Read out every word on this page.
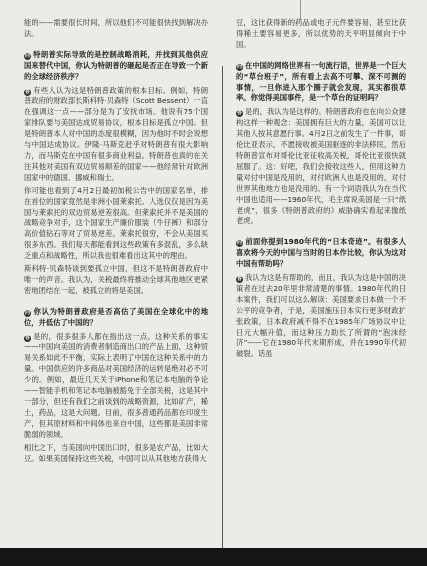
能的——需要很长时间，所以他们不可能很快找到解决办法。

问 特朗普实际导致的是控制战略消耗，并找到其他供应国来替代中国，你认为特朗普的砸起是否正在导致一个新的全球经济秩序？

答 有些人认为这是特朗普政策的根本目标。例如，特朗普政府的财政部长斯科特·贝森特（Scott Bessent）一直在强调这一点——部分是为了安抚市场。他说有75个国家排队要与美国达成贸易协议，根本目标是孤立中国。但是特朗普本人对中国的态度很模糊，因为他时不时会说想与中国达成协议。伊隆·马斯克赶乎对特朗普有很大影响力，而马斯克在中国有很多商业利益。特朗普也真的在关注其他对美国有双边贸易顺差的国家——他经常针对欧洲国家中的德国、挪威和瑞士。

你可能也看到了4月2日最初加税公告中的国家名单，排在首位的国家竟然是非洲小国莱索托。人选仅仅是因为美国与莱索托的双边贸易逆差很高。但莱索托并不是美国的战略竞争对手，这个国家生产廉价服装（牛仔裤）和部分高价值钻石等对了贸易逆差。莱索托很穷，不会从美国买很多东西。我们每天都能看到这些政策有多混乱，多么缺乏重点和战略性，所以我也很难看出这其中的理由。

斯科特·贝森特谈到要孤立中国，但这不是特朗普政府中唯一的声音。我认为，关税最终将推动全球其他地区更紧密地团结在一起，被孤立的将是美国。

问 你认为特朗普政府是否高估了美国在全球化中的地位，并低估了中国的？

答 是的，很多很多人都在指出这一点。这种关系的事实——中国向美国的消费者制造商出口的产品上面，这种贸易关系如此不平衡，实际上表明了中国在这种关系中的力量。中国供应的许多商品对美国经济的运转是绝对必不可少的。例如，最近几天关于iPhone和笔记本电脑的争论——智能手机和笔记本电脑被豁免于全部关税，这是其中一部分，但还有我们之前谈到的战略资源，比如矿产，稀土，药品，这是大问题。目前，很多普通药品都在印度生产，但其原材料和中间体也来自中国，这些都是美国非常脆弱的领域。

相比之下，当美国向中国出口时，很多是农产品，比如大豆。如果美国保持这些关税，中国可以从其他地方获得大

豆，这比获得新的药品或电子元件要容易，甚至比获得稀土要容易更多，所以优势的天平明显倾向于中国。

问 在中国的网络世界有一句流行语，世界是一个巨大的“草台班子”，所有看上去高不可攀、深不可测的事情，一旦你进入那个圈子就会发现，其实都很草率。你觉得美国事件，是一个草台的证明吗？

答 是的，我认为是这样的。特朗普政府也在向公众建构这样一种观念：美国拥有巨大的力量，美国可以让其他人按其意愿行事。4月2日之前发生了一件事，哥伦比亚表示，不愿接收被美国驱逐的非法移民，然后特朗普宣布对哥伦比亚征收高关税，哥伦比亚很快就屈服了。这：好吧，我们会接收这些人。但用这种力量对付中国是没用的，对付欧洲人也是没用的，对付世界其他地方也是没用的。有一个词语我认为在当代中国也适用——1960年代，毛主席说美国是一只“纸老虎”，很多《特朗普政府的》威胁确实看起来像纸老虎。

问 前面你提到1980年代的“日本奇迹”。有很多人喜欢将今天的中国与当时的日本作比较，你认为这对中国有帮助吗？

答 我认为这是有帮助的，而且，我认为这是中国的决策者在过去20年里非常清楚的事情。1980年代的日本案件，我们可以这么解读：美国要求日本做一个不公平的竞争者，于是，美国施压日本实行更多财政扩张政策，日本政府减不得不在1985年广场协议中让日元大幅升值，而这种压力助长了所谓的“泡沫经济”——它在1980年代末期形成，并在1990年代初破裂。话虽
